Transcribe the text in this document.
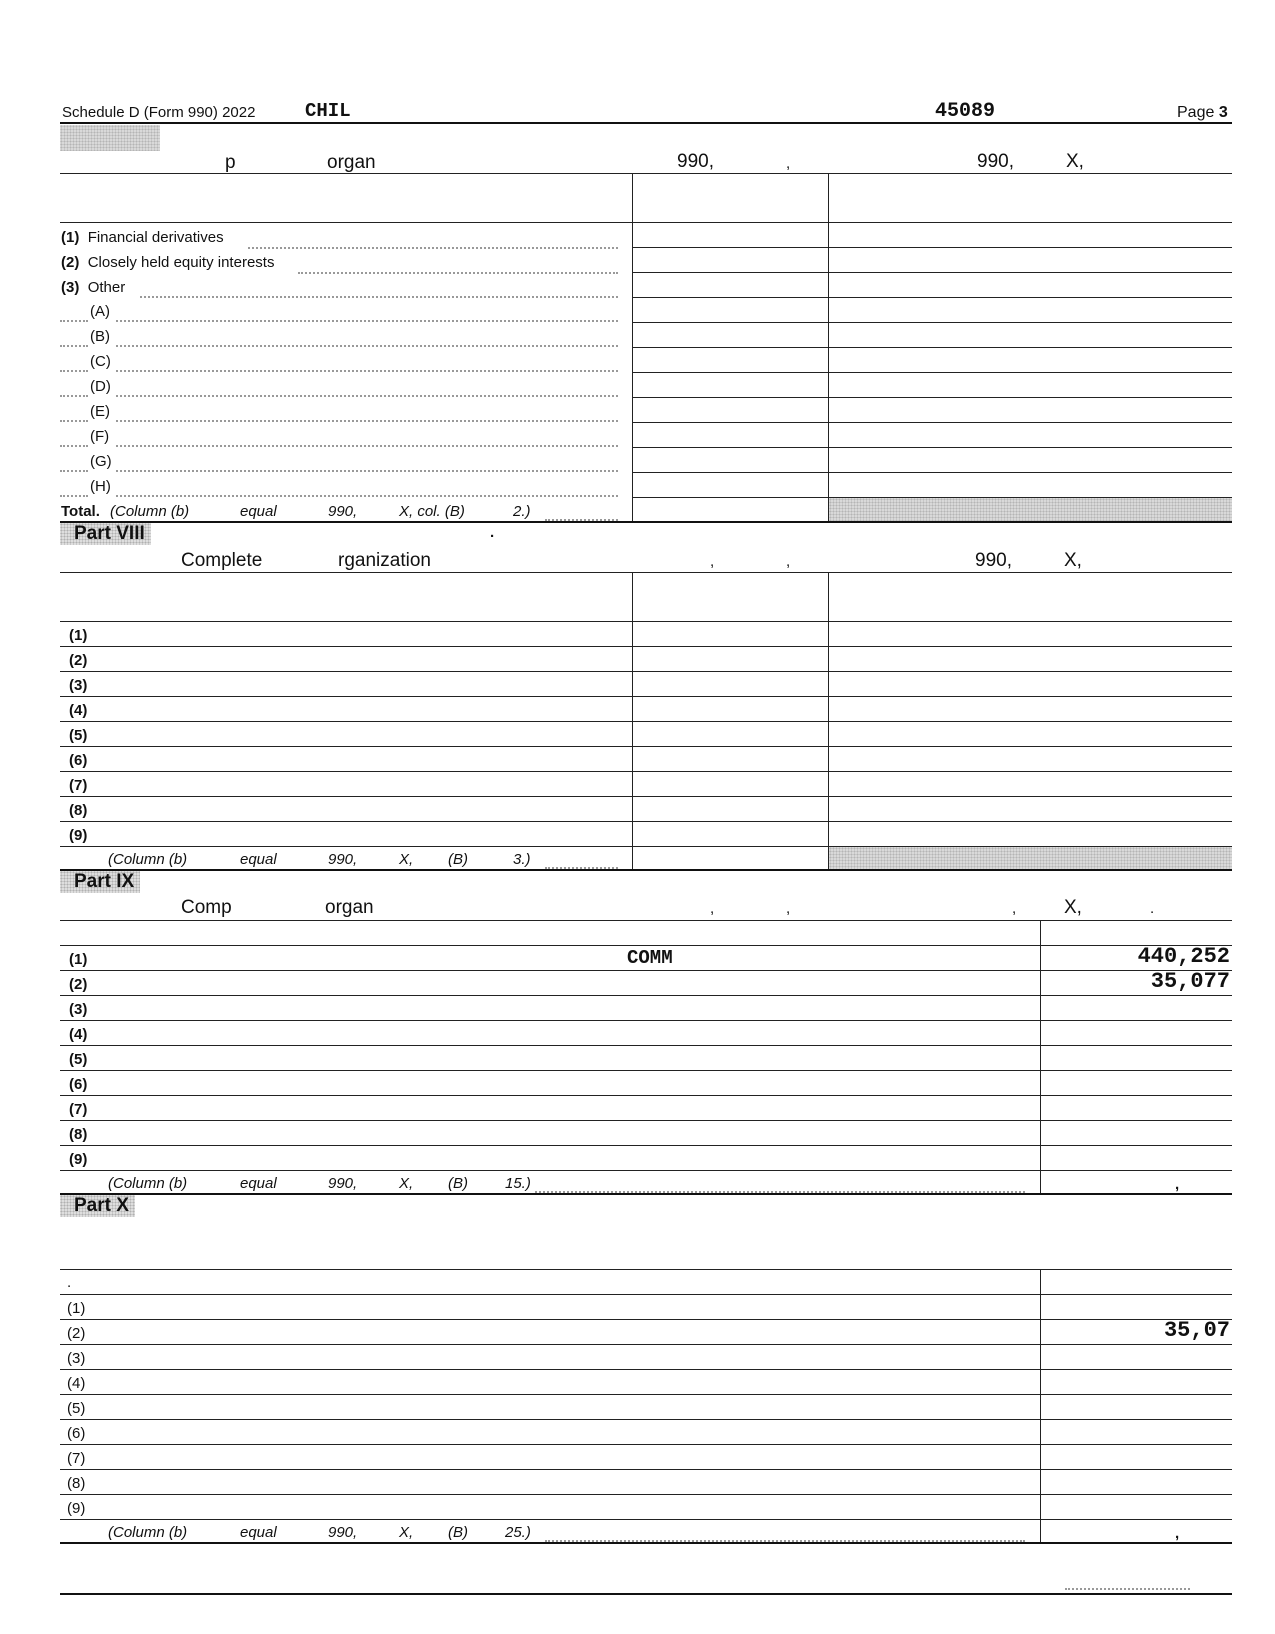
Schedule D (Form 990) 2022	CHIL	45089	Page 3
p	organ	990,	,	990,	X,
(1) Financial derivatives
(2) Closely held equity interests
(3) Other
(A)
(B)
(C)
(D)
(E)
(F)
(G)
(H)
Total. (Column (b)	equal	990,	X, col. (B)	2.)
Part VIII	.
Complete	rganization	,	,	990,	X,
(1)
(2)
(3)
(4)
(5)
(6)
(7)
(8)
(9)
(Column (b)	equal	990,	X, (B)	3.)
Part IX
Comp	organ	,	,	,	X,	.
(1)	COMM	440,252
(2)	35,077
(3)
(4)
(5)
(6)
(7)
(8)
(9)
(Column (b)	equal	990,	X, (B) 15.)	,
Part X
.
(1)
(2)	35,07
(3)
(4)
(5)
(6)
(7)
(8)
(9)
(Column (b)	equal	990,	X, (B) 25.)	,
